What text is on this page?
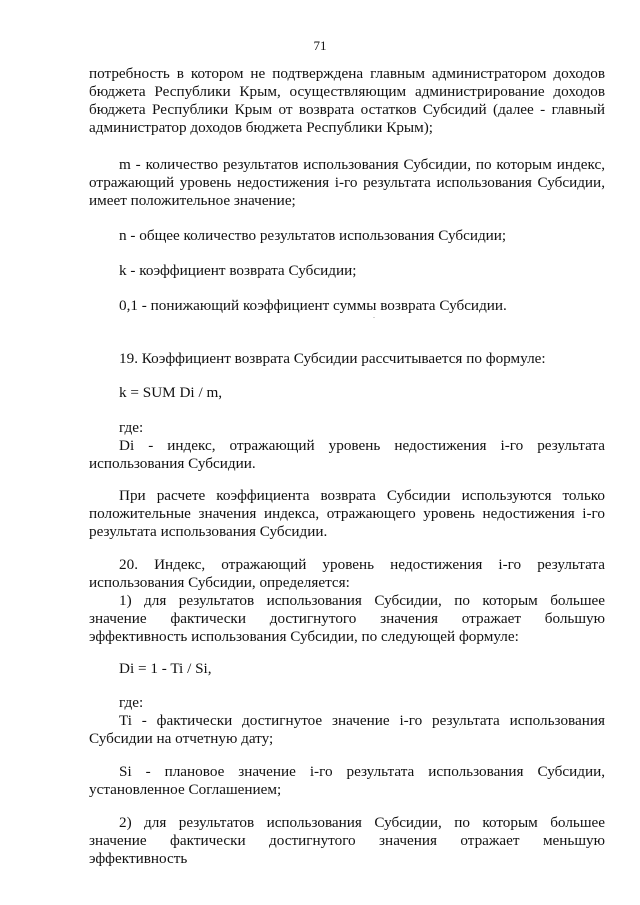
71

потребность в котором не подтверждена главным администратором доходов бюджета Республики Крым, осуществляющим администрирование доходов бюджета Республики Крым от возврата остатков Субсидий (далее - главный администратор доходов бюджета Республики Крым);

m - количество результатов использования Субсидии, по которым индекс, отражающий уровень недостижения i-го результата использования Субсидии, имеет положительное значение;

n - общее количество результатов использования Субсидии;

k - коэффициент возврата Субсидии;

0,1 - понижающий коэффициент суммы возврата Субсидии.

19. Коэффициент возврата Субсидии рассчитывается по формуле:

k = SUM Di / m,

где:

Di - индекс, отражающий уровень недостижения i-го результата использования Субсидии.

При расчете коэффициента возврата Субсидии используются только положительные значения индекса, отражающего уровень недостижения i-го результата использования Субсидии.

20. Индекс, отражающий уровень недостижения i-го результата использования Субсидии, определяется:

1) для результатов использования Субсидии, по которым большее значение фактически достигнутого значения отражает большую эффективность использования Субсидии, по следующей формуле:

Di = 1 - Ti / Si,

где:

Ti - фактически достигнутое значение i-го результата использования Субсидии на отчетную дату;

Si - плановое значение i-го результата использования Субсидии, установленное Соглашением;

2) для результатов использования Субсидии, по которым большее значение фактически достигнутого значения отражает меньшую эффективность
